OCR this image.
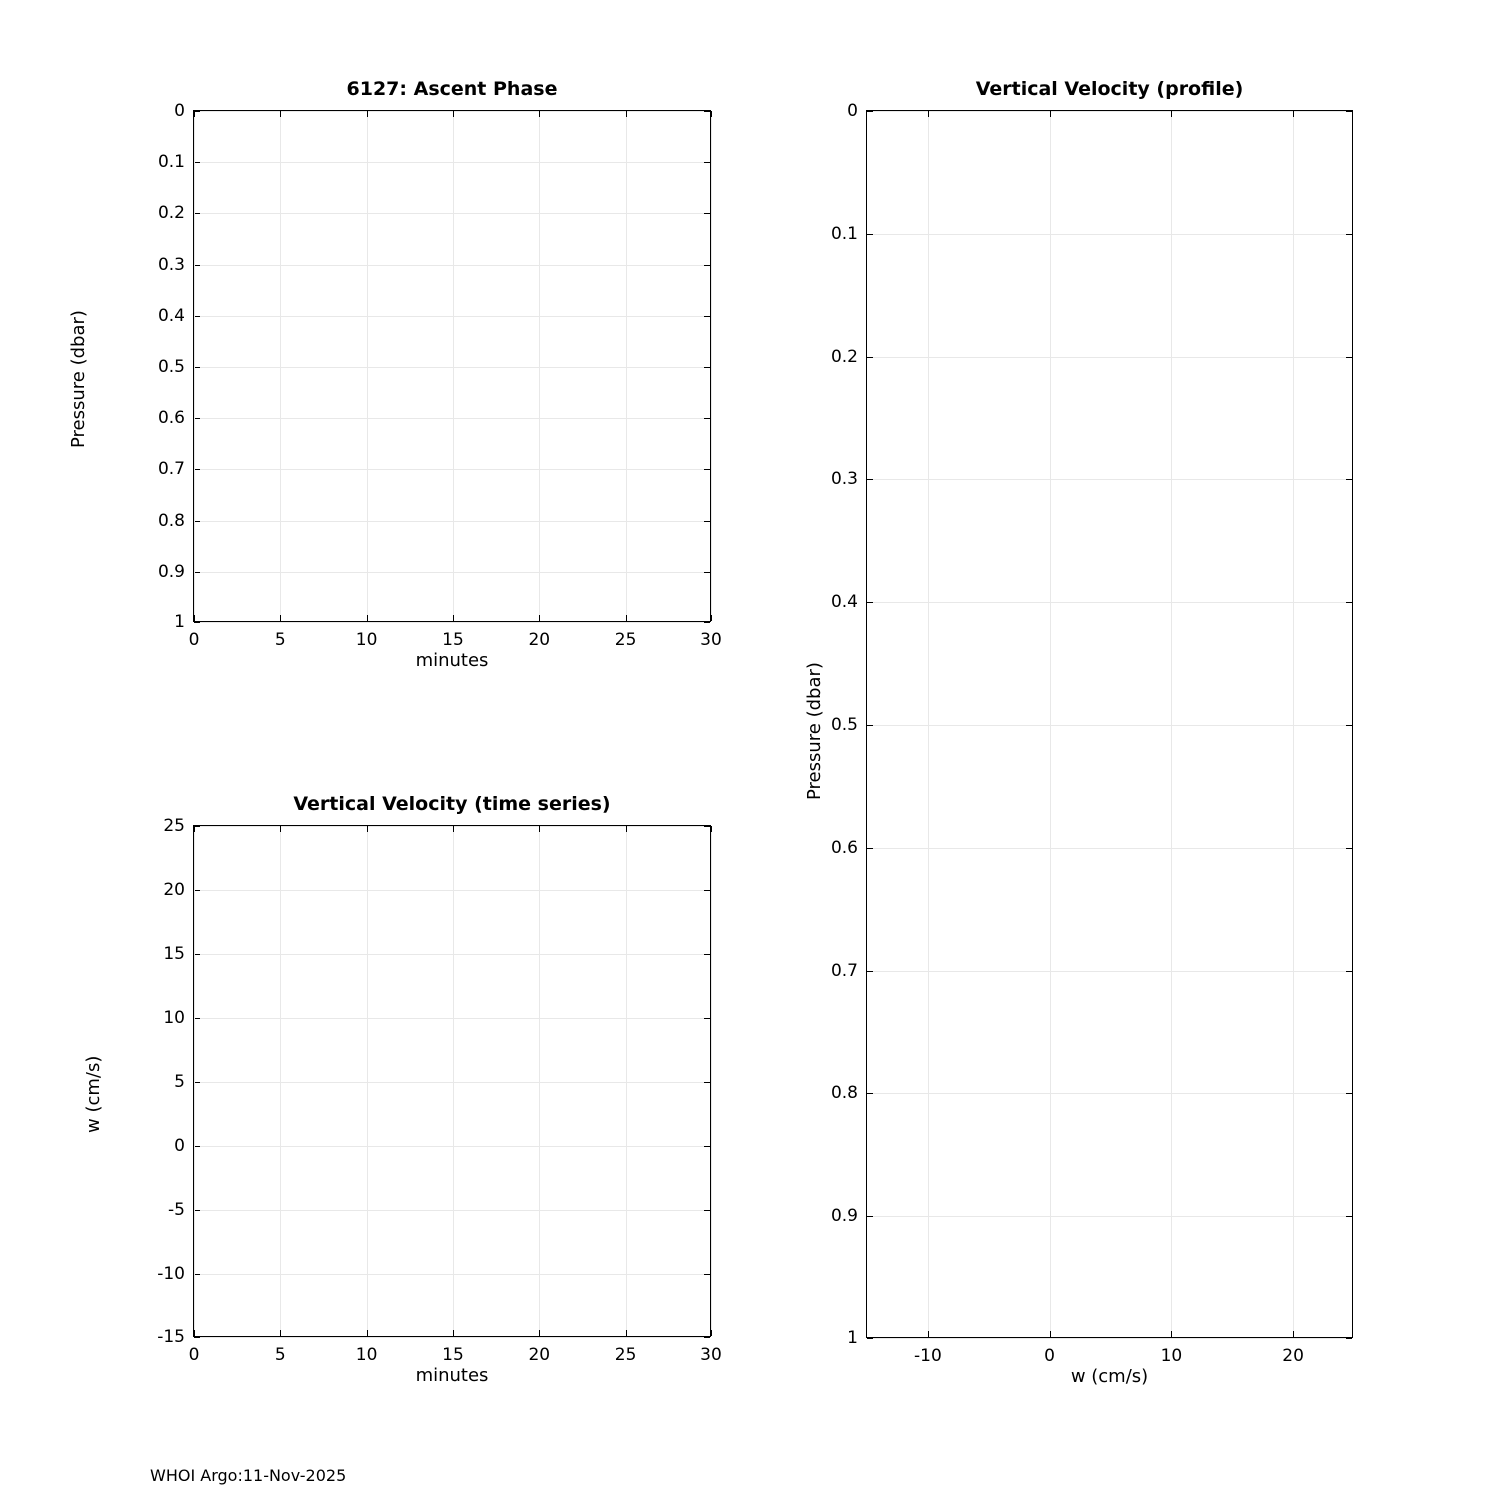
6127: Ascent Phase
0
0.1
0.2
0.3
0.4
0.5
0.6
0.7
0.8
0.9
1
0	5	10	15	20	25	30
minutes
Pressure (dbar)
Vertical Velocity (profile)
0
0.1
0.2
0.3
0.4
0.5
0.6
0.7
0.8
0.9
1
-10	0	10	20
w (cm/s)
Pressure (dbar)
Vertical Velocity (time series)
25
20
15
10
5
0
-5
-10
-15
0	5	10	15	20	25	30
minutes
w (cm/s)
WHOI Argo:11-Nov-2025
